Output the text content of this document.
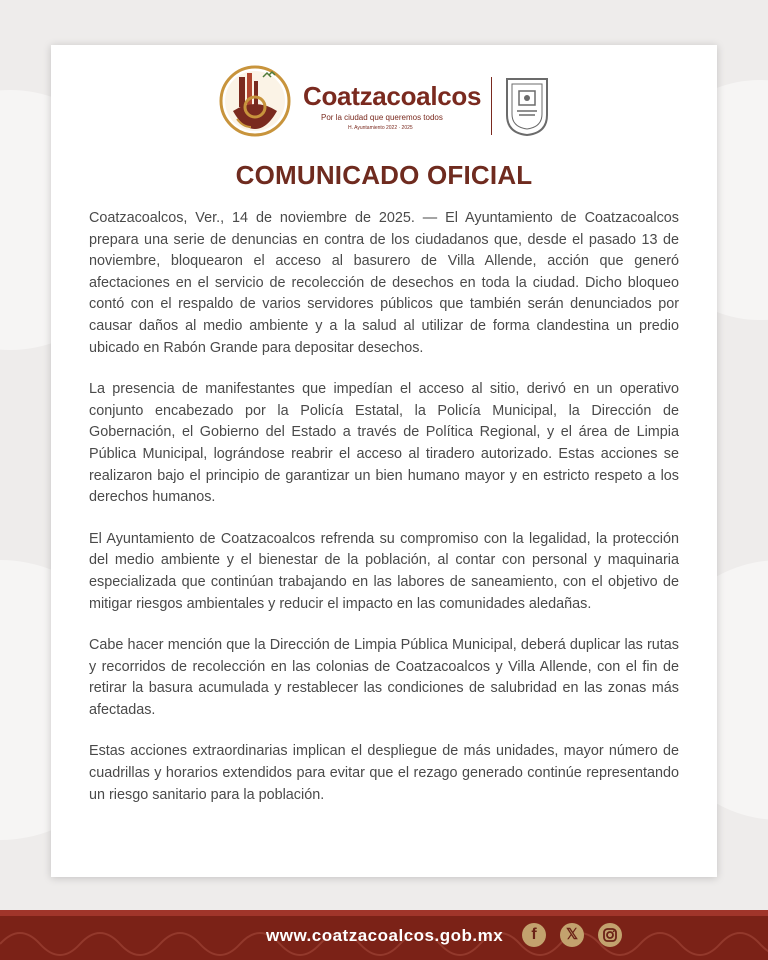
Coatzacoalcos
Por la ciudad que queremos todos
H. Ayuntamiento 2022 · 2025
COMUNICADO OFICIAL

Coatzacoalcos, Ver., 14 de noviembre de 2025. — El Ayuntamiento de Coatzacoalcos prepara una serie de denuncias en contra de los ciudadanos que, desde el pasado 13 de noviembre, bloquearon el acceso al basurero de Villa Allende, acción que generó afectaciones en el servicio de recolección de desechos en toda la ciudad. Dicho bloqueo contó con el respaldo de varios servidores públicos que también serán denunciados por causar daños al medio ambiente y a la salud al utilizar de forma clandestina un predio ubicado en Rabón Grande para depositar desechos.

La presencia de manifestantes que impedían el acceso al sitio, derivó en un operativo conjunto encabezado por la Policía Estatal, la Policía Municipal, la Dirección de Gobernación, el Gobierno del Estado a través de Política Regional, y el área de Limpia Pública Municipal, lográndose reabrir el acceso al tiradero autorizado. Estas acciones se realizaron bajo el principio de garantizar un bien humano mayor y en estricto respeto a los derechos humanos.

El Ayuntamiento de Coatzacoalcos refrenda su compromiso con la legalidad, la protección del medio ambiente y el bienestar de la población, al contar con personal y maquinaria especializada que continúan trabajando en las labores de saneamiento, con el objetivo de mitigar riesgos ambientales y reducir el impacto en las comunidades aledañas.

Cabe hacer mención que la Dirección de Limpia Pública Municipal, deberá duplicar las rutas y recorridos de recolección en las colonias de Coatzacoalcos y Villa Allende, con el fin de retirar la basura acumulada y restablecer las condiciones de salubridad en las zonas más afectadas.

Estas acciones extraordinarias implican el despliegue de más unidades, mayor número de cuadrillas y horarios extendidos para evitar que el rezago generado continúe representando un riesgo sanitario para la población.

www.coatzacoalcos.gob.mx	f	𝕏
